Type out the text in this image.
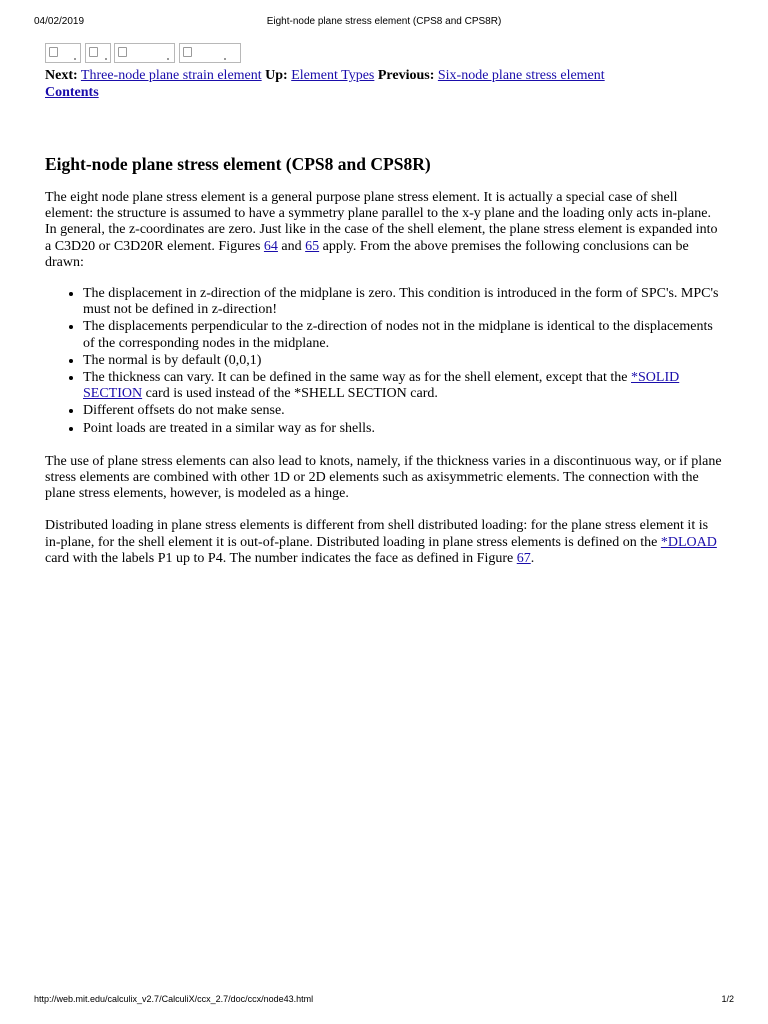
04/02/2019	Eight-node plane stress element (CPS8 and CPS8R)
Next: Three-node plane strain element Up: Element Types Previous: Six-node plane stress element
Contents
Eight-node plane stress element (CPS8 and CPS8R)

The eight node plane stress element is a general purpose plane stress element. It is actually a special case of shell element: the structure is assumed to have a symmetry plane parallel to the x-y plane and the loading only acts in-plane. In general, the z-coordinates are zero. Just like in the case of the shell element, the plane stress element is expanded into a C3D20 or C3D20R element. Figures 64 and 65 apply. From the above premises the following conclusions can be drawn:

• The displacement in z-direction of the midplane is zero. This condition is introduced in the form of SPC's. MPC's must not be defined in z-direction!
• The displacements perpendicular to the z-direction of nodes not in the midplane is identical to the displacements of the corresponding nodes in the midplane.
• The normal is by default (0,0,1)
• The thickness can vary. It can be defined in the same way as for the shell element, except that the *SOLID SECTION card is used instead of the *SHELL SECTION card.
• Different offsets do not make sense.
• Point loads are treated in a similar way as for shells.

The use of plane stress elements can also lead to knots, namely, if the thickness varies in a discontinuous way, or if plane stress elements are combined with other 1D or 2D elements such as axisymmetric elements. The connection with the plane stress elements, however, is modeled as a hinge.

Distributed loading in plane stress elements is different from shell distributed loading: for the plane stress element it is in-plane, for the shell element it is out-of-plane. Distributed loading in plane stress elements is defined on the *DLOAD card with the labels P1 up to P4. The number indicates the face as defined in Figure 67.

http://web.mit.edu/calculix_v2.7/CalculiX/ccx_2.7/doc/ccx/node43.html	1/2
